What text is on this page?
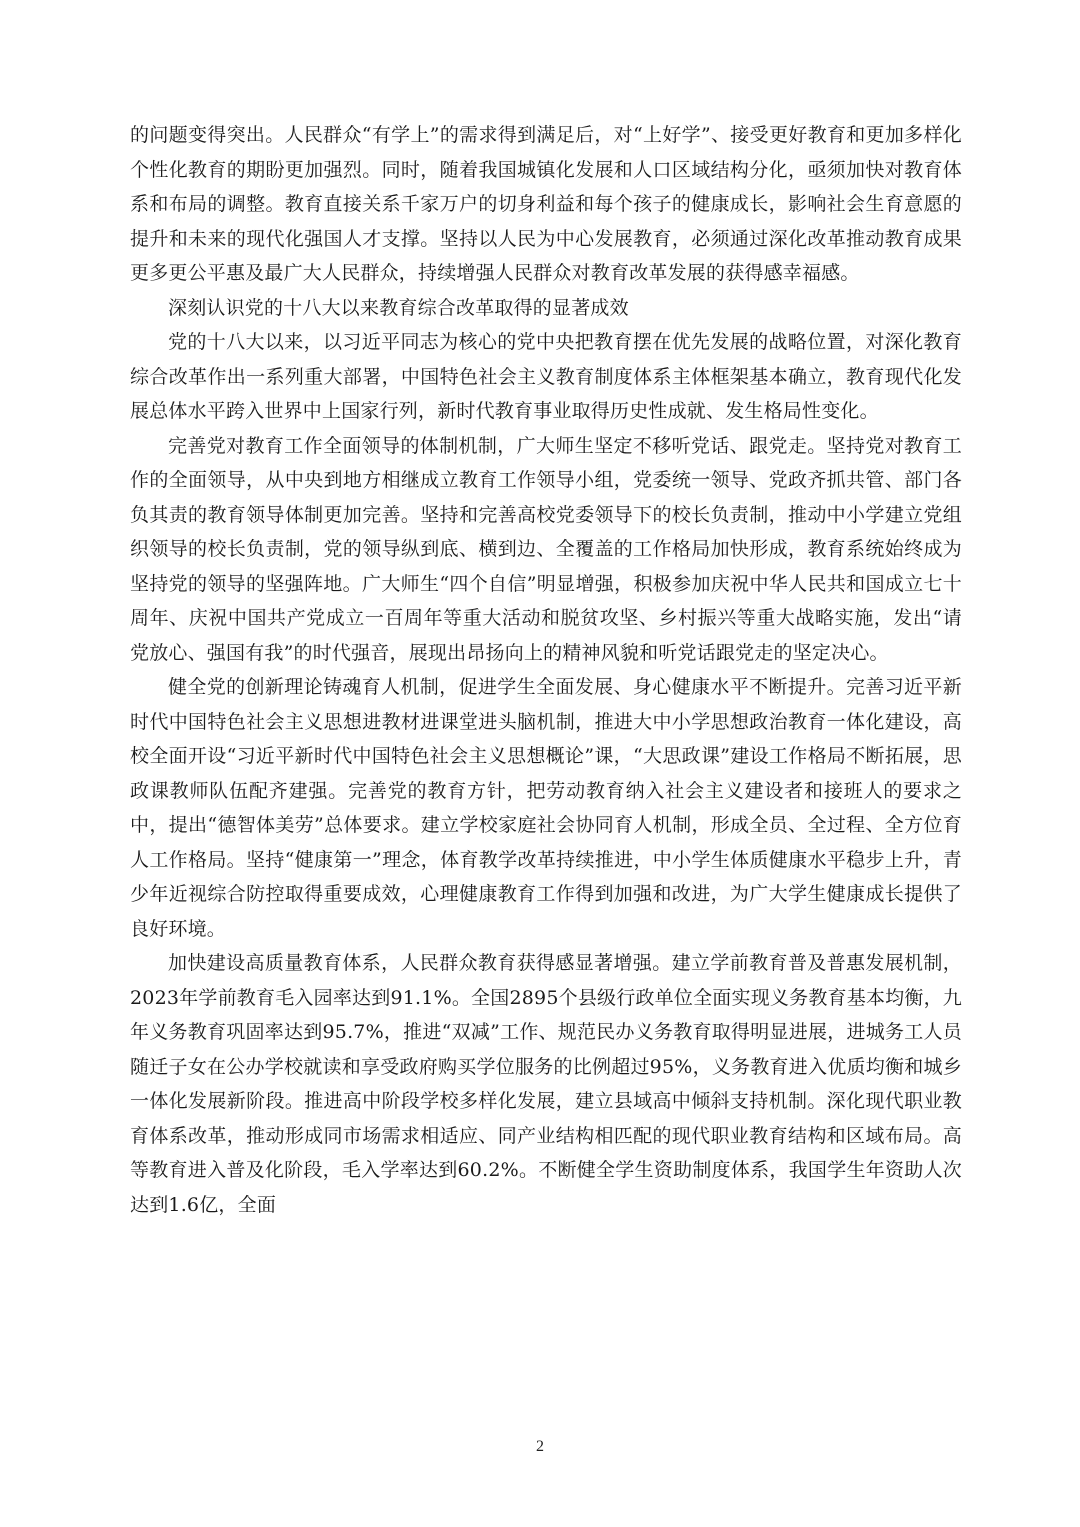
的问题变得突出。人民群众“有学上”的需求得到满足后，对“上好学”、接受更好教育和更加多样化个性化教育的期盼更加强烈。同时，随着我国城镇化发展和人口区域结构分化，亟须加快对教育体系和布局的调整。教育直接关系千家万户的切身利益和每个孩子的健康成长，影响社会生育意愿的提升和未来的现代化强国人才支撑。坚持以人民为中心发展教育，必须通过深化改革推动教育成果更多更公平惠及最广大人民群众，持续增强人民群众对教育改革发展的获得感幸福感。

深刻认识党的十八大以来教育综合改革取得的显著成效

党的十八大以来，以习近平同志为核心的党中央把教育摆在优先发展的战略位置，对深化教育综合改革作出一系列重大部署，中国特色社会主义教育制度体系主体框架基本确立，教育现代化发展总体水平跨入世界中上国家行列，新时代教育事业取得历史性成就、发生格局性变化。

完善党对教育工作全面领导的体制机制，广大师生坚定不移听党话、跟党走。坚持党对教育工作的全面领导，从中央到地方相继成立教育工作领导小组，党委统一领导、党政齐抓共管、部门各负其责的教育领导体制更加完善。坚持和完善高校党委领导下的校长负责制，推动中小学建立党组织领导的校长负责制，党的领导纵到底、横到边、全覆盖的工作格局加快形成，教育系统始终成为坚持党的领导的坚强阵地。广大师生“四个自信”明显增强，积极参加庆祝中华人民共和国成立七十周年、庆祝中国共产党成立一百周年等重大活动和脱贫攻坚、乡村振兴等重大战略实施，发出“请党放心、强国有我”的时代强音，展现出昂扬向上的精神风貌和听党话跟党走的坚定决心。

健全党的创新理论铸魂育人机制，促进学生全面发展、身心健康水平不断提升。完善习近平新时代中国特色社会主义思想进教材进课堂进头脑机制，推进大中小学思想政治教育一体化建设，高校全面开设“习近平新时代中国特色社会主义思想概论”课，“大思政课”建设工作格局不断拓展，思政课教师队伍配齐建强。完善党的教育方针，把劳动教育纳入社会主义建设者和接班人的要求之中，提出“德智体美劳”总体要求。建立学校家庭社会协同育人机制，形成全员、全过程、全方位育人工作格局。坚持“健康第一”理念，体育教学改革持续推进，中小学生体质健康水平稳步上升，青少年近视综合防控取得重要成效，心理健康教育工作得到加强和改进，为广大学生健康成长提供了良好环境。

加快建设高质量教育体系，人民群众教育获得感显著增强。建立学前教育普及普惠发展机制，2023年学前教育毛入园率达到91.1%。全国2895个县级行政单位全面实现义务教育基本均衡，九年义务教育巩固率达到95.7%，推进“双减”工作、规范民办义务教育取得明显进展，进城务工人员随迁子女在公办学校就读和享受政府购买学位服务的比例超过95%，义务教育进入优质均衡和城乡一体化发展新阶段。推进高中阶段学校多样化发展，建立县域高中倾斜支持机制。深化现代职业教育体系改革，推动形成同市场需求相适应、同产业结构相匹配的现代职业教育结构和区域布局。高等教育进入普及化阶段，毛入学率达到60.2%。不断健全学生资助制度体系，我国学生年资助人次达到1.6亿，全面

2
